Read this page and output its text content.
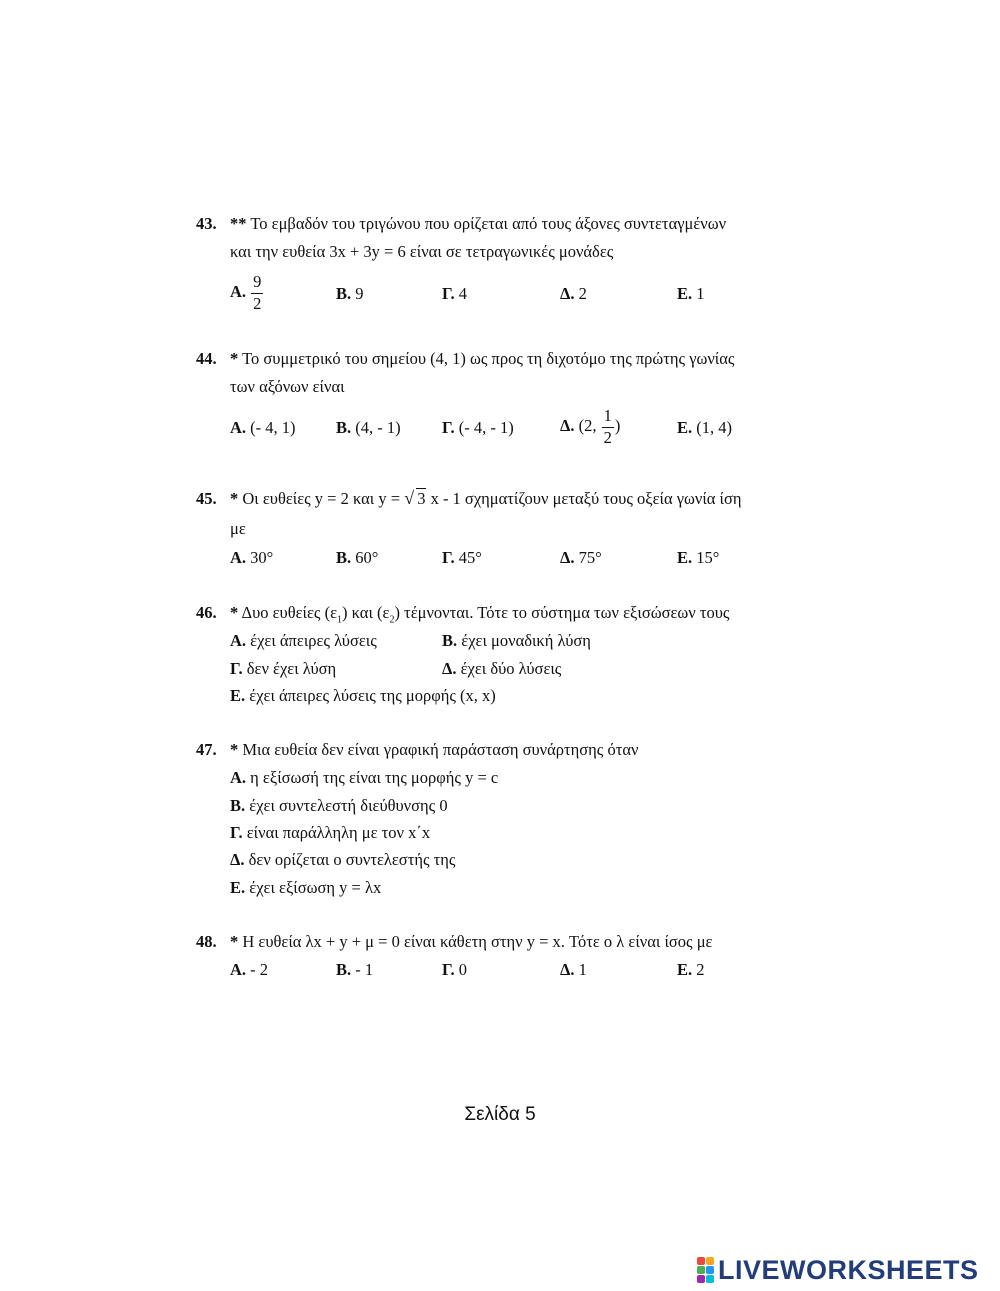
43. ** Το εμβαδόν του τριγώνου που ορίζεται από τους άξονες συντεταγμένων
και την ευθεία 3x + 3y = 6 είναι σε τετραγωνικές μονάδες
Α. $\frac{9}{2}$	Β. 9	Γ. 4	Δ. 2	Ε. 1
44. * Το συμμετρικό του σημείου (4, 1) ως προς τη διχοτόμο της πρώτης γωνίας
των αξόνων είναι
Α. (- 4, 1) Β. (4, - 1)	Γ. (- 4, - 1)	Δ. (2, $\frac{1}{2}$ )	Ε. (1, 4)
45. * Οι ευθείες y = 2 και y = √ 3 x - 1 σχηματίζουν μεταξύ τους οξεία γωνία ίση
με
Α. 30°	Β. 60°	Γ. 45°	Δ. 75°	Ε. 15°
46. * Δυο ευθείες $(\varepsilon_1)$ και $(\varepsilon_2)$ τέμνονται. Τότε το σύστημα των εξισώσεων τους
Α. έχει άπειρες λύσεις	Β. έχει μοναδική λύση
Γ. δεν έχει λύση	Δ. έχει δύο λύσεις
Ε. έχει άπειρες λύσεις της μορφής (x, x)
47. * Μια ευθεία δεν είναι γραφική παράσταση συνάρτησης όταν
Α. η εξίσωσή της είναι της μορφής y = c
Β. έχει συντελεστή διεύθυνσης 0
Γ. είναι παράλληλη με τον x΄x
Δ. δεν ορίζεται ο συντελεστής της
Ε. έχει εξίσωση y = λx
48. * Η ευθεία λx + y + μ = 0 είναι κάθετη στην y = x. Τότε ο λ είναι ίσος με
Α. - 2	Β. - 1	Γ. 0	Δ. 1	Ε. 2
Σελίδα 5
LIVEWORKSHEETS
